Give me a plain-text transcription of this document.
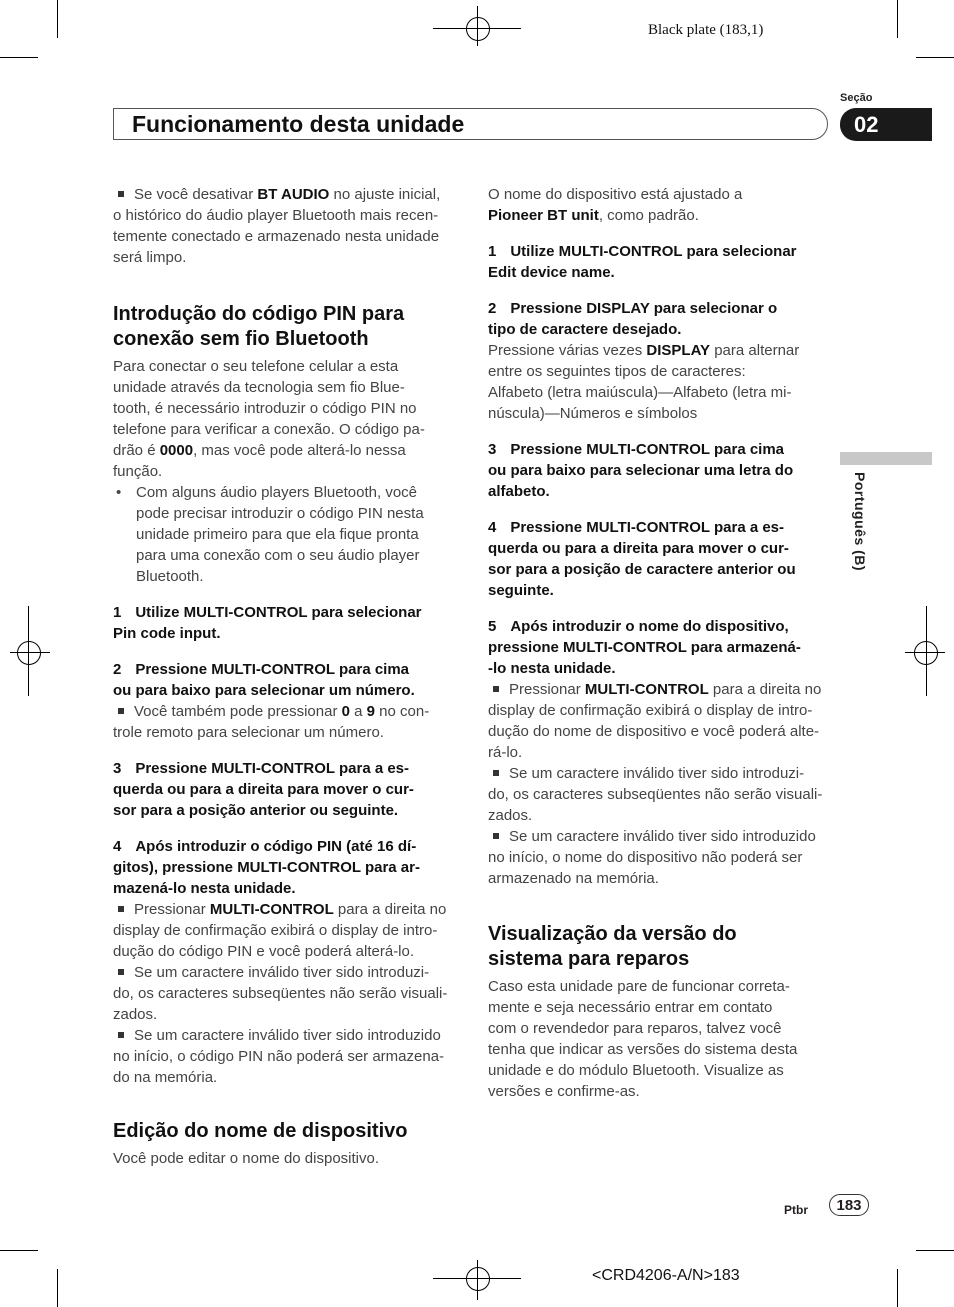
Black plate (183,1)
Seção
Funcionamento desta unidade	02
Português (B)

Se você desativar BT AUDIO no ajuste inicial,

o histórico do áudio player Bluetooth mais recen-

temente conectado e armazenado nesta unidade

será limpo.

Introdução do código PIN para

conexão sem fio Bluetooth

Para conectar o seu telefone celular a esta

unidade através da tecnologia sem fio Blue-

tooth, é necessário introduzir o código PIN no

telefone para verificar a conexão. O código pa-

drão é 0000, mas você pode alterá-lo nessa

função.

• Com alguns áudio players Bluetooth, você

pode precisar introduzir o código PIN nesta

unidade primeiro para que ela fique pronta

para uma conexão com o seu áudio player

Bluetooth.

1 Utilize MULTI-CONTROL para selecionar

Pin code input.

2 Pressione MULTI-CONTROL para cima

ou para baixo para selecionar um número.

Você também pode pressionar 0 a 9 no con-

trole remoto para selecionar um número.

3 Pressione MULTI-CONTROL para a es-

querda ou para a direita para mover o cur-

sor para a posição anterior ou seguinte.

4 Após introduzir o código PIN (até 16 dí-

gitos), pressione MULTI-CONTROL para ar-

mazená-lo nesta unidade.

Pressionar MULTI-CONTROL para a direita no

display de confirmação exibirá o display de intro-

dução do código PIN e você poderá alterá-lo.

Se um caractere inválido tiver sido introduzi-

do, os caracteres subseqüentes não serão visuali-

zados.

Se um caractere inválido tiver sido introduzido

no início, o código PIN não poderá ser armazena-

do na memória.

Edição do nome de dispositivo

Você pode editar o nome do dispositivo.

O nome do dispositivo está ajustado a

Pioneer BT unit, como padrão.

1 Utilize MULTI-CONTROL para selecionar

Edit device name.

2 Pressione DISPLAY para selecionar o

tipo de caractere desejado.

Pressione várias vezes DISPLAY para alternar

entre os seguintes tipos de caracteres:

Alfabeto (letra maiúscula)—Alfabeto (letra mi-

núscula)—Números e símbolos

3 Pressione MULTI-CONTROL para cima

ou para baixo para selecionar uma letra do

alfabeto.

4 Pressione MULTI-CONTROL para a es-

querda ou para a direita para mover o cur-

sor para a posição de caractere anterior ou

seguinte.

5 Após introduzir o nome do dispositivo,

pressione MULTI-CONTROL para armazená-

-lo nesta unidade.

Pressionar MULTI-CONTROL para a direita no

display de confirmação exibirá o display de intro-

dução do nome de dispositivo e você poderá alte-

rá-lo.

Se um caractere inválido tiver sido introduzi-

do, os caracteres subseqüentes não serão visuali-

zados.

Se um caractere inválido tiver sido introduzido

no início, o nome do dispositivo não poderá ser

armazenado na memória.

Visualização da versão do

sistema para reparos

Caso esta unidade pare de funcionar correta-

mente e seja necessário entrar em contato

com o revendedor para reparos, talvez você

tenha que indicar as versões do sistema desta

unidade e do módulo Bluetooth. Visualize as

versões e confirme-as.

Ptbr	183
<CRD4206-A/N>183
